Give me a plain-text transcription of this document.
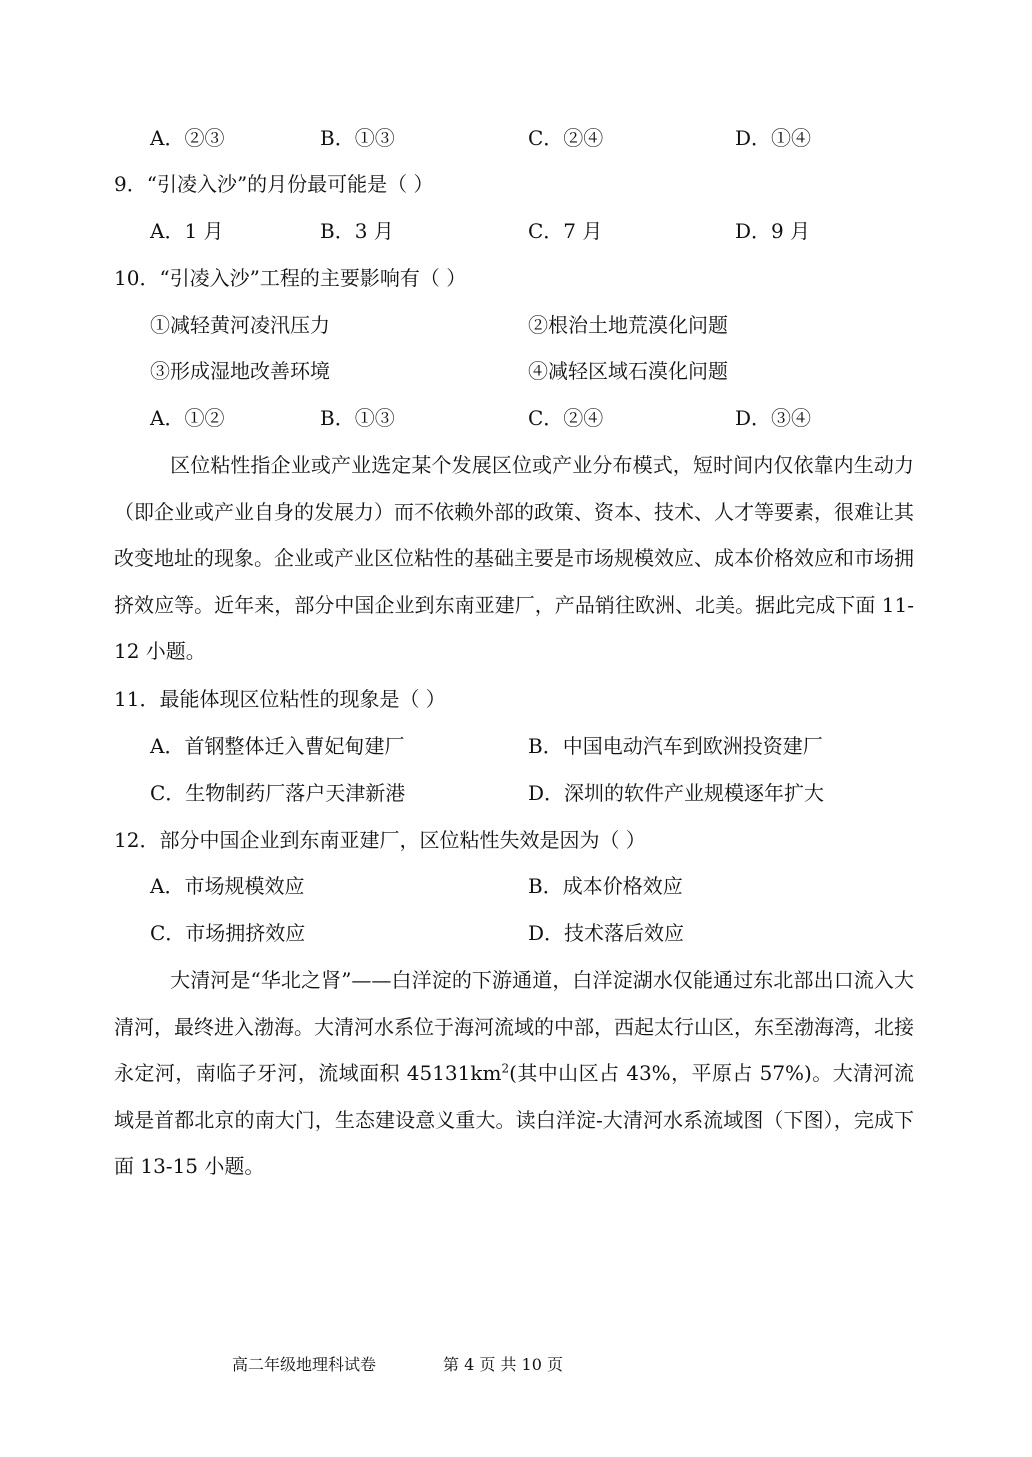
A．②③	B．①③	C．②④	D．①④
9．“引凌入沙”的月份最可能是（ ）
A．1 月	B．3 月	C．7 月	D．9 月
10．“引凌入沙”工程的主要影响有（ ）
①减轻黄河凌汛压力	②根治土地荒漠化问题
③形成湿地改善环境	④减轻区域石漠化问题
A．①②	B．①③	C．②④	D．③④
区位粘性指企业或产业选定某个发展区位或产业分布模式，短时间内仅依靠内生动力（即企业或产业自身的发展力）而不依赖外部的政策、资本、技术、人才等要素，很难让其改变地址的现象。企业或产业区位粘性的基础主要是市场规模效应、成本价格效应和市场拥挤效应等。近年来，部分中国企业到东南亚建厂，产品销往欧洲、北美。据此完成下面 11-12 小题。
11．最能体现区位粘性的现象是（ ）
A．首钢整体迁入曹妃甸建厂	B．中国电动汽车到欧洲投资建厂
C．生物制药厂落户天津新港	D．深圳的软件产业规模逐年扩大
12．部分中国企业到东南亚建厂，区位粘性失效是因为（ ）
A．市场规模效应	B．成本价格效应
C．市场拥挤效应	D．技术落后效应
大清河是“华北之肾”——白洋淀的下游通道，白洋淀湖水仅能通过东北部出口流入大清河，最终进入渤海。大清河水系位于海河流域的中部，西起太行山区，东至渤海湾，北接永定河，南临子牙河，流域面积 $45131km^2$(其中山区占 43%，平原占 57%)。大清河流域是首都北京的南大门，生态建设意义重大。读白洋淀-大清河水系流域图（下图），完成下面 13-15 小题。
高二年级地理科试卷	第 4 页 共 10 页
